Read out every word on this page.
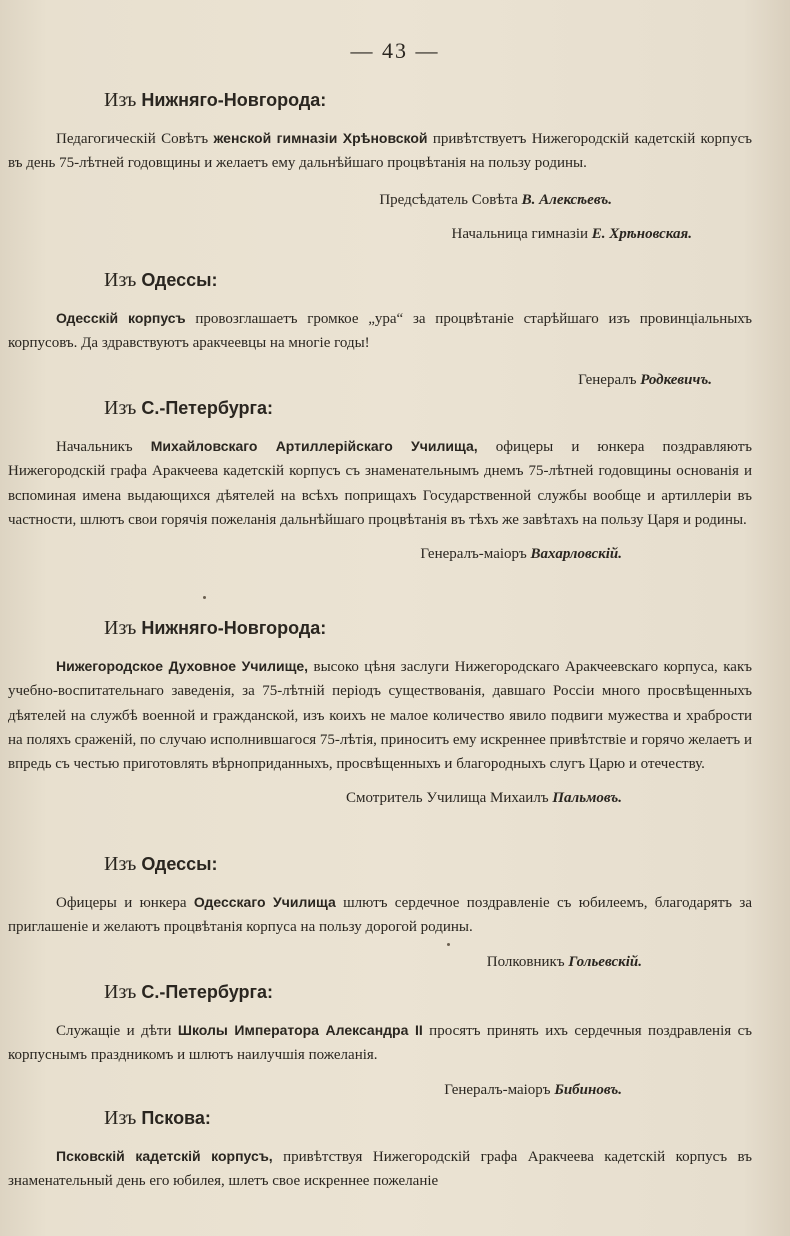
— 43 —
Изъ Нижняго-Новгорода:
Педагогическій Совѣтъ женской гимназіи Хрѣновской привѣтствуетъ Нижегородскій кадетскій корпусъ въ день 75-лѣтней годовщины и желаетъ ему дальнѣйшаго процвѣтанія на пользу родины.
Предсѣдатель Совѣта В. Алексѣевъ.
Начальница гимназіи Е. Хрѣновская.
Изъ Одессы:
Одесскій корпусъ провозглашаетъ громкое „ура“ за процвѣтаніе старѣйшаго изъ провинціальныхъ корпусовъ. Да здравствуютъ аракчеевцы на многіе годы!
Генералъ Родкевичъ.
Изъ С.-Петербурга:
Начальникъ Михайловскаго Артиллерійскаго Училища, офицеры и юнкера поздравляютъ Нижегородскій графа Аракчеева кадетскій корпусъ съ знаменательнымъ днемъ 75-лѣтней годовщины основанія и вспоминая имена выдающихся дѣятелей на всѣхъ поприщахъ Государственной службы вообще и артиллеріи въ частности, шлютъ свои горячія пожеланія дальнѣйшаго процвѣтанія въ тѣхъ же завѣтахъ на пользу Царя и родины.
Генералъ-маіоръ Вахарловскій.
Изъ Нижняго-Новгорода:
Нижегородское Духовное Училище, высоко цѣня заслуги Нижегородскаго Аракчеевскаго корпуса, какъ учебно-воспитательнаго заведенія, за 75-лѣтній періодъ существованія, давшаго Россіи много просвѣщенныхъ дѣятелей на службѣ военной и гражданской, изъ коихъ не малое количество явило подвиги мужества и храбрости на поляхъ сраженій, по случаю исполнившагося 75-лѣтія, приноситъ ему искреннее привѣтствіе и горячо желаетъ и впредь съ честью приготовлять вѣрноприданныхъ, просвѣщенныхъ и благородныхъ слугъ Царю и отечеству.
Смотритель Училища Михаилъ Пальмовъ.
Изъ Одессы:
Офицеры и юнкера Одесскаго Училища шлютъ сердечное поздравленіе съ юбилеемъ, благодарятъ за приглашеніе и желаютъ процвѣтанія корпуса на пользу дорогой родины.
Полковникъ Гольевскій.
Изъ С.-Петербурга:
Служащіе и дѣти Школы Императора Александра II просятъ принять ихъ сердечныя поздравленія съ корпуснымъ праздникомъ и шлютъ наилучшія пожеланія.
Генералъ-маіоръ Бибиновъ.
Изъ Пскова:
Псковскій кадетскій корпусъ, привѣтствуя Нижегородскій графа Аракчеева кадетскій корпусъ въ знаменательный день его юбилея, шлетъ свое искреннее пожеланіе
